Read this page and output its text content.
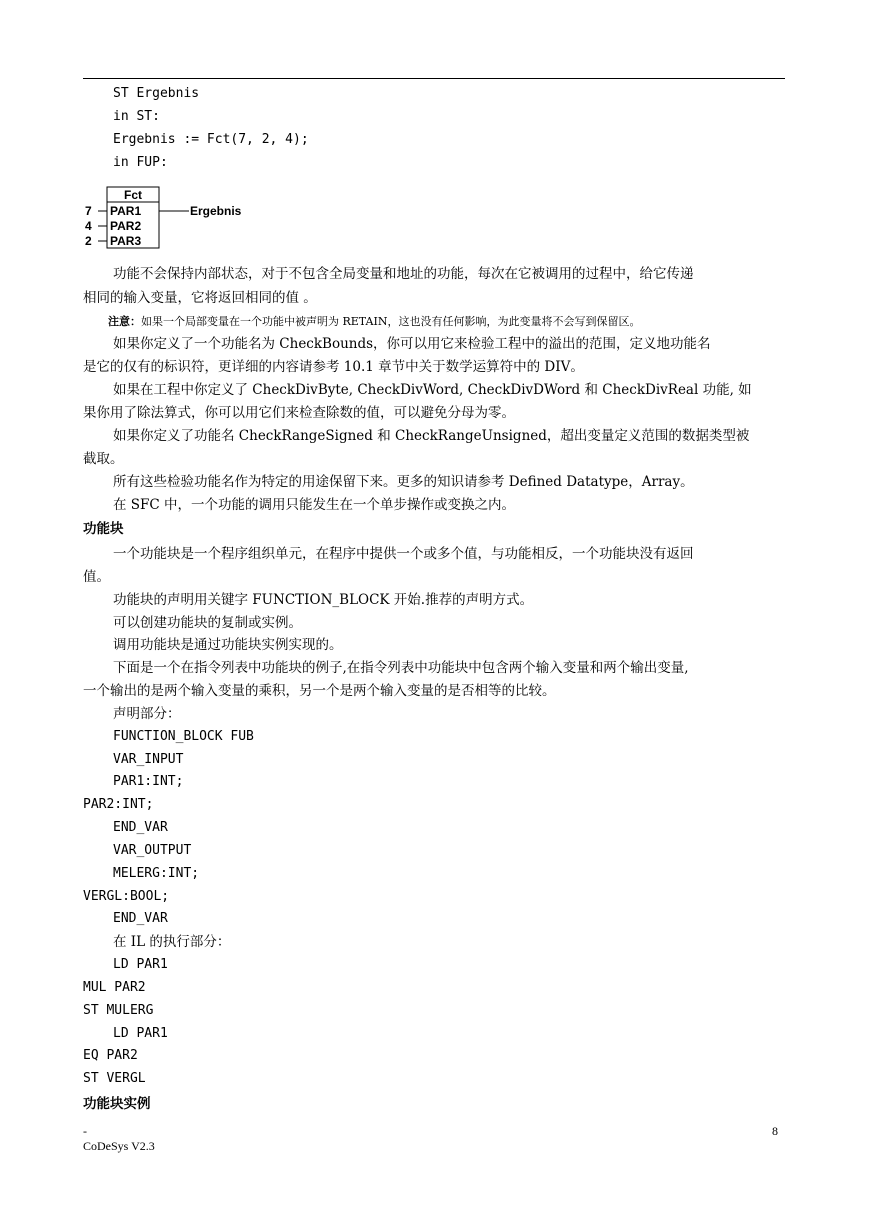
ST Ergebnis
in ST:
Ergebnis := Fct(7, 2, 4);
in FUP:
Fct
7 PAR1
4 PAR2
2 PAR3
Ergebnis
功能不会保持内部状态，对于不包含全局变量和地址的功能，每次在它被调用的过程中，给它传递
相同的输入变量，它将返回相同的值 。
注意：如果一个局部变量在一个功能中被声明为 RETAIN，这也没有任何影响，为此变量将不会写到保留区。
如果你定义了一个功能名为 CheckBounds，你可以用它来检验工程中的溢出的范围，定义地功能名
是它的仅有的标识符，更详细的内容请参考 10.1 章节中关于数学运算符中的 DIV。
如果在工程中你定义了 CheckDivByte, CheckDivWord, CheckDivDWord 和 CheckDivReal 功能, 如
果你用了除法算式，你可以用它们来检查除数的值，可以避免分母为零。
如果你定义了功能名 CheckRangeSigned 和 CheckRangeUnsigned，超出变量定义范围的数据类型被
截取。
所有这些检验功能名作为特定的用途保留下来。更多的知识请参考 Defined Datatype，Array。
在 SFC 中，一个功能的调用只能发生在一个单步操作或变换之内。
功能块
一个功能块是一个程序组织单元，在程序中提供一个或多个值，与功能相反，一个功能块没有返回
值。
功能块的声明用关键字 FUNCTION_BLOCK 开始.推荐的声明方式。
可以创建功能块的复制或实例。
调用功能块是通过功能块实例实现的。
下面是一个在指令列表中功能块的例子,在指令列表中功能块中包含两个输入变量和两个输出变量,
一个输出的是两个输入变量的乘积，另一个是两个输入变量的是否相等的比较。
声明部分：
FUNCTION_BLOCK FUB
VAR_INPUT
PAR1:INT;
PAR2:INT;
END_VAR
VAR_OUTPUT
MELERG:INT;
VERGL:BOOL;
END_VAR
在 IL 的执行部分：
LD PAR1
MUL PAR2
ST MULERG
LD PAR1
EQ PAR2
ST VERGL
功能块实例
-	8
CoDeSys V2.3
